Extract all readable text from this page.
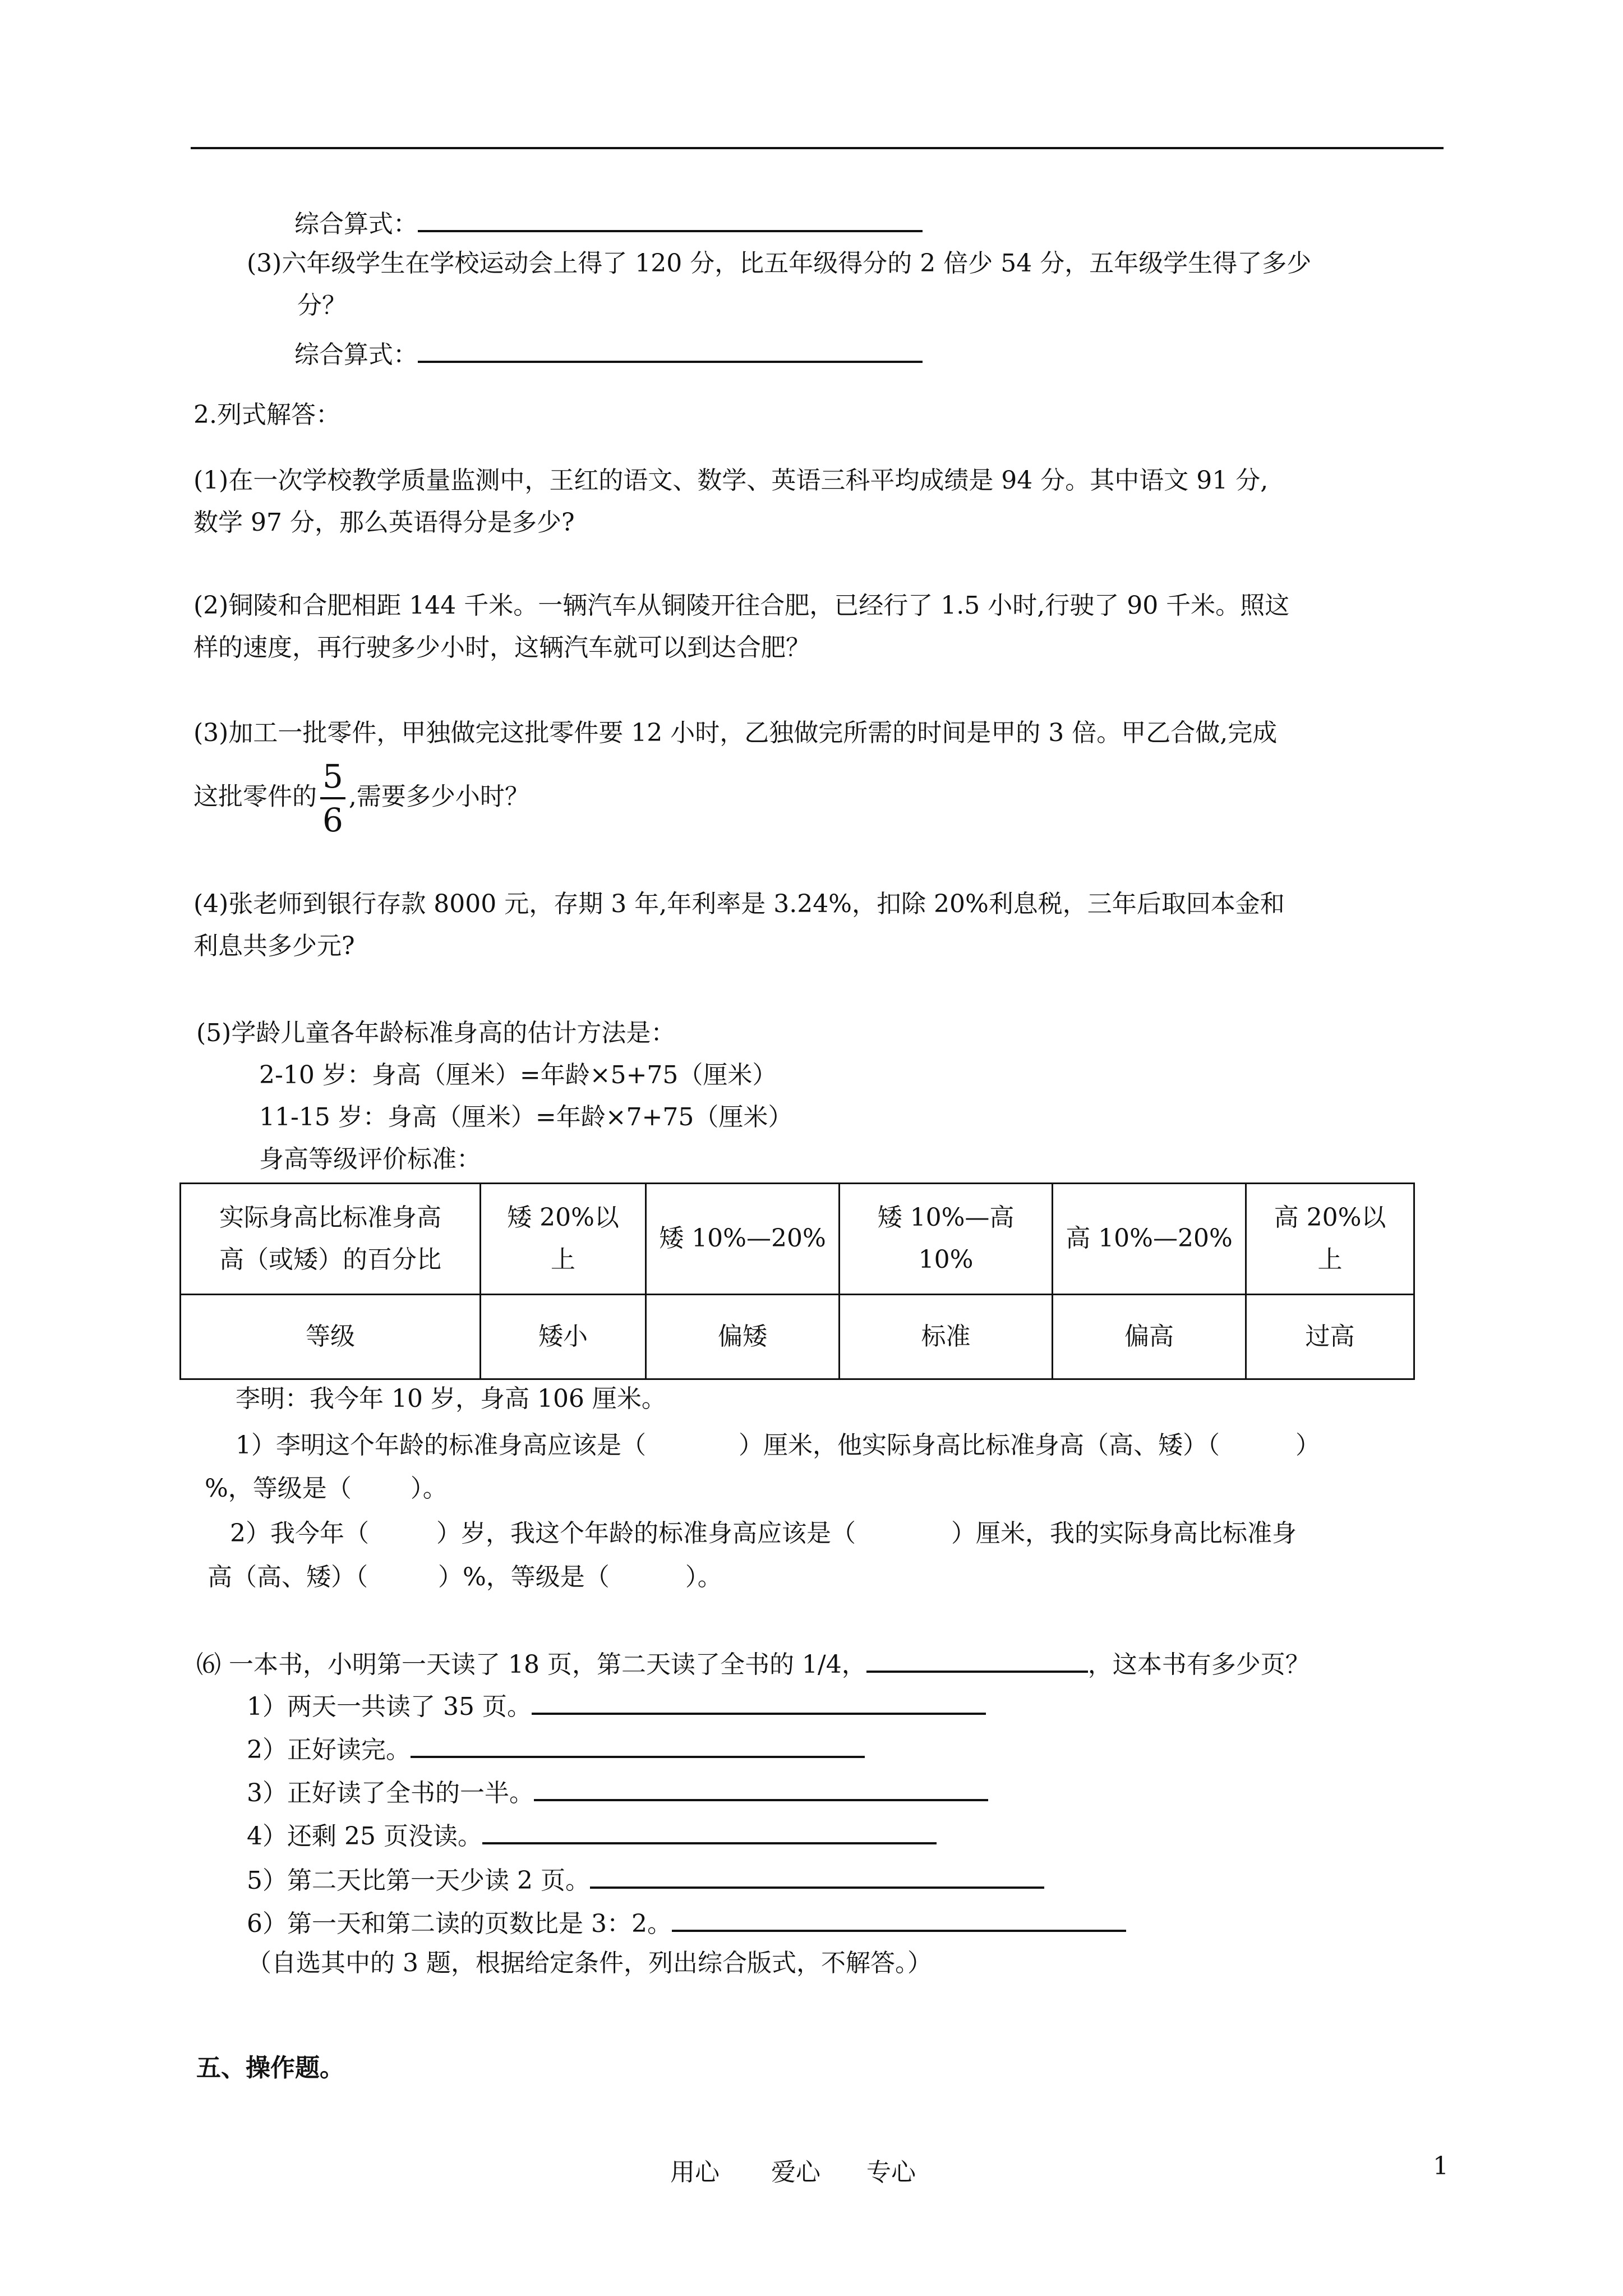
综合算式：
(3)六年级学生在学校运动会上得了 120 分，比五年级得分的 2 倍少 54 分，五年级学生得了多少
分？
综合算式：
2.列式解答：
(1)在一次学校教学质量监测中，王红的语文、数学、英语三科平均成绩是 94 分。其中语文 91 分,
数学 97 分，那么英语得分是多少?
(2)铜陵和合肥相距 144 千米。一辆汽车从铜陵开往合肥，已经行了 1.5 小时,行驶了 90 千米。照这
样的速度，再行驶多少小时，这辆汽车就可以到达合肥？
(3)加工一批零件，甲独做完这批零件要 12 小时，乙独做完所需的时间是甲的 3 倍。甲乙合做,完成
这批零件的 $\frac{5}{6}$ ,需要多少小时？
(4)张老师到银行存款 8000 元，存期 3 年,年利率是 3.24%，扣除 20%利息税，三年后取回本金和
利息共多少元?
(5)学龄儿童各年龄标准身高的估计方法是：
2-10 岁：身高（厘米）=年龄×5+75（厘米）
11-15 岁：身高（厘米）=年龄×7+75（厘米）
身高等级评价标准：
实际身高比标准身高
高（或矮）的百分比	矮 20%以
上	矮 10%—20%	矮 10%—高
10%	高 10%—20%	高 20%以
上
等级	矮小	偏矮	标准	偏高	过高
李明：我今年 10 岁，身高 106 厘米。
1）李明这个年龄的标准身高应该是（	）厘米，他实际身高比标准身高（高、矮）（	）
%，等级是（ ）。
2）我今年（	）岁，我这个年龄的标准身高应该是（	）厘米，我的实际身高比标准身
高（高、矮）（	）%，等级是（	）。
⑹ 一本书，小明第一天读了 18 页，第二天读了全书的 1/4，	，这本书有多少页？
1）两天一共读了 35 页。
2）正好读完。
3）正好读了全书的一半。
4）还剩 25 页没读。
5）第二天比第一天少读 2 页。
6）第一天和第二读的页数比是 3：2。
（自选其中的 3 题，根据给定条件，列出综合版式，不解答。）
五、操作题。
用心 爱心 专心	1
